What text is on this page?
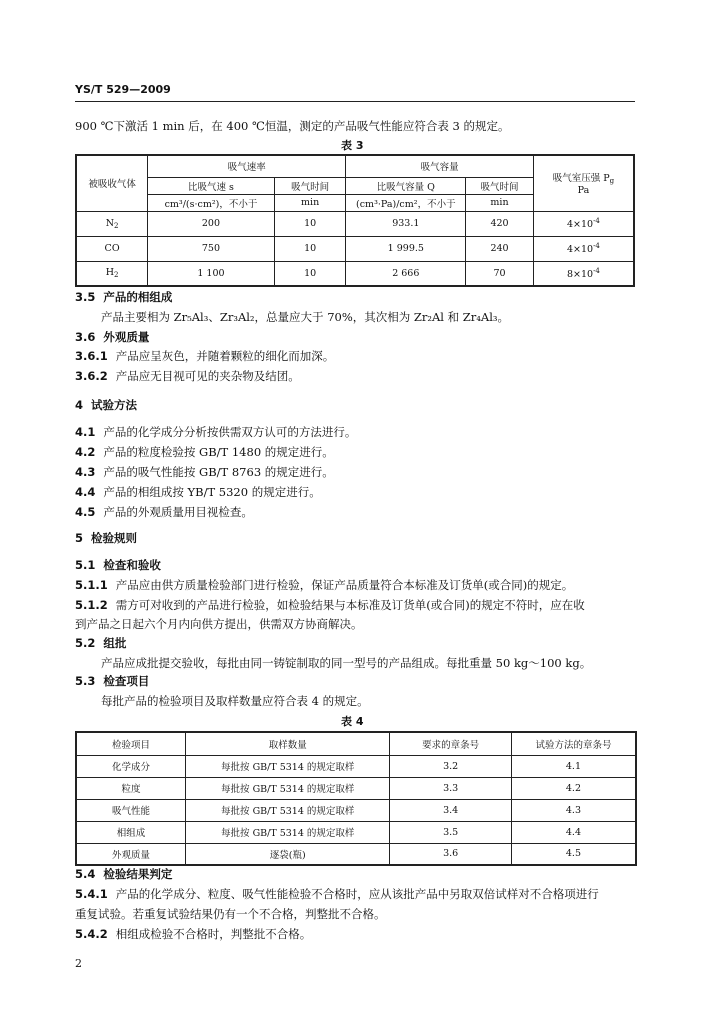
YS/T 529—2009
900 ℃下激活 1 min 后，在 400 ℃恒温，测定的产品吸气性能应符合表 3 的规定。
表 3
被吸收气体	吸气速率		吸气容量		吸气室压强 $P_g$
Pa
	比吸气速 s	吸气时间	比吸气容量 Q	吸气时间	
	cm³/(s·cm²)，不小于	min	(cm³·Pa)/cm²，不小于	min	
$N_2$	200	10	933.1	420	$4\times 10^{-4}$
CO	750	10	1 999.5	240	$4\times 10^{-4}$
$H_2$	1 100	10	2 666	70	$8\times 10^{-4}$
3.5 产品的相组成
产品主要相为 Zr₅Al₃、Zr₃Al₂，总量应大于 70%，其次相为 Zr₂Al 和 Zr₄Al₃。
3.6 外观质量
3.6.1 产品应呈灰色，并随着颗粒的细化而加深。
3.6.2 产品应无目视可见的夹杂物及结团。
4 试验方法
4.1 产品的化学成分分析按供需双方认可的方法进行。
4.2 产品的粒度检验按 GB/T 1480 的规定进行。
4.3 产品的吸气性能按 GB/T 8763 的规定进行。
4.4 产品的相组成按 YB/T 5320 的规定进行。
4.5 产品的外观质量用目视检查。
5 检验规则
5.1 检查和验收
5.1.1 产品应由供方质量检验部门进行检验，保证产品质量符合本标准及订货单(或合同)的规定。
5.1.2 需方可对收到的产品进行检验，如检验结果与本标准及订货单(或合同)的规定不符时，应在收
到产品之日起六个月内向供方提出，供需双方协商解决。
5.2 组批
产品应成批提交验收，每批由同一铸锭制取的同一型号的产品组成。每批重量 50 kg～100 kg。
5.3 检查项目
每批产品的检验项目及取样数量应符合表 4 的规定。
表 4
检验项目	取样数量	要求的章条号	试验方法的章条号
化学成分	每批按 GB/T 5314 的规定取样	3.2	4.1
粒度	每批按 GB/T 5314 的规定取样	3.3	4.2
吸气性能	每批按 GB/T 5314 的规定取样	3.4	4.3
相组成	每批按 GB/T 5314 的规定取样	3.5	4.4
外观质量	逐袋(瓶)	3.6	4.5
5.4 检验结果判定
5.4.1 产品的化学成分、粒度、吸气性能检验不合格时，应从该批产品中另取双倍试样对不合格项进行
重复试验。若重复试验结果仍有一个不合格，判整批不合格。
5.4.2 相组成检验不合格时，判整批不合格。
2
